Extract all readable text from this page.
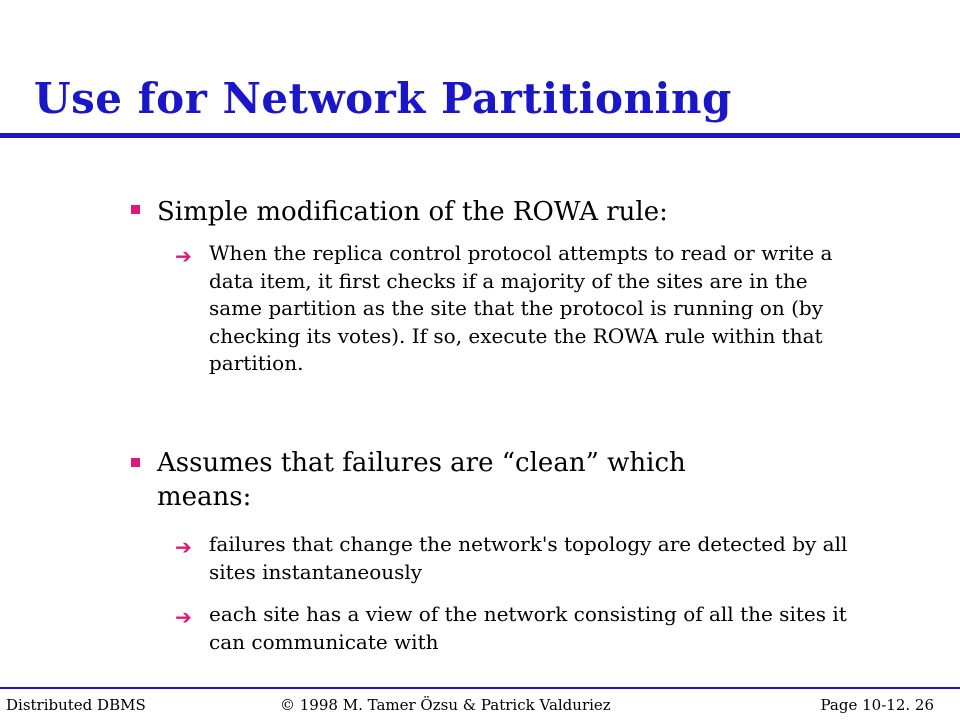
Use for Network Partitioning
Simple modification of the ROWA rule:
➔ When the replica control protocol attempts to read or write a data item, it first checks if a majority of the sites are in the same partition as the site that the protocol is running on (by checking its votes). If so, execute the ROWA rule within that partition.
Assumes that failures are “clean” which means:
➔ failures that change the network's topology are detected by all sites instantaneously
➔ each site has a view of the network consisting of all the sites it can communicate with
Distributed DBMS	© 1998 M. Tamer Özsu & Patrick Valduriez	Page 10-12. 26
